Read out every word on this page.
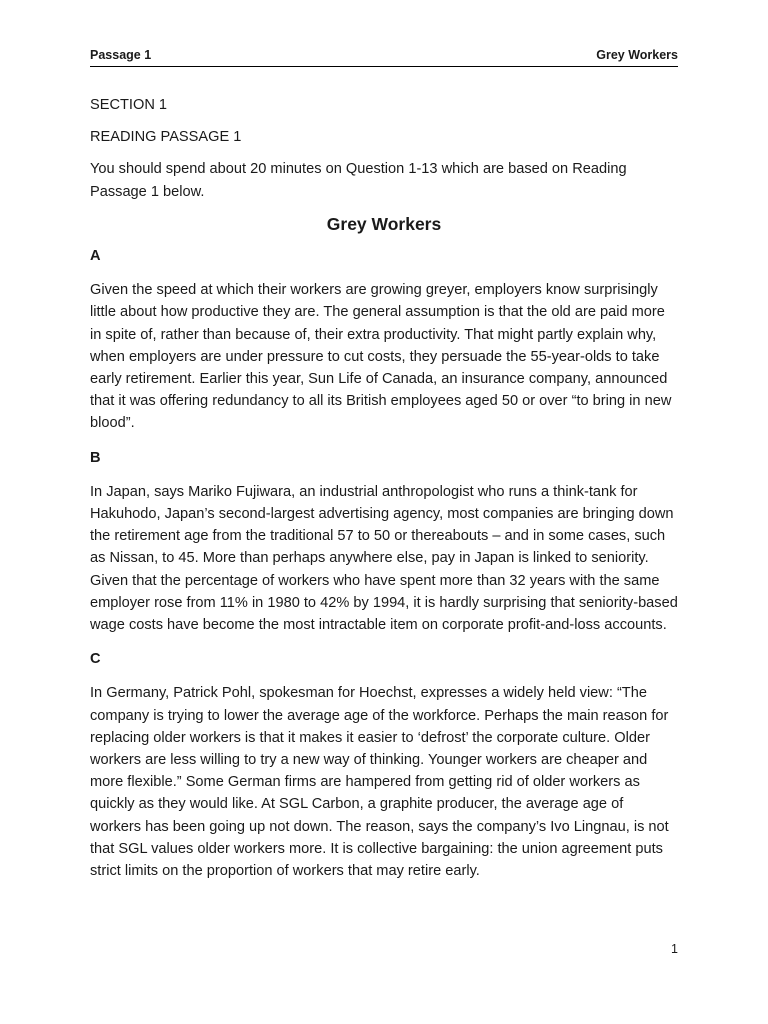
Passage 1	Grey Workers

SECTION 1

READING PASSAGE 1

You should spend about 20 minutes on Question 1-13 which are based on Reading Passage 1 below.

Grey Workers

A

Given the speed at which their workers are growing greyer, employers know surprisingly little about how productive they are. The general assumption is that the old are paid more in spite of, rather than because of, their extra productivity. That might partly explain why, when employers are under pressure to cut costs, they persuade the 55-year-olds to take early retirement. Earlier this year, Sun Life of Canada, an insurance company, announced that it was offering redundancy to all its British employees aged 50 or over “to bring in new blood”.

B

In Japan, says Mariko Fujiwara, an industrial anthropologist who runs a think-tank for Hakuhodo, Japan’s second-largest advertising agency, most companies are bringing down the retirement age from the traditional 57 to 50 or thereabouts – and in some cases, such as Nissan, to 45. More than perhaps anywhere else, pay in Japan is linked to seniority. Given that the percentage of workers who have spent more than 32 years with the same employer rose from 11% in 1980 to 42% by 1994, it is hardly surprising that seniority-based wage costs have become the most intractable item on corporate profit-and-loss accounts.

C

In Germany, Patrick Pohl, spokesman for Hoechst, expresses a widely held view: “The company is trying to lower the average age of the workforce. Perhaps the main reason for replacing older workers is that it makes it easier to ‘defrost’ the corporate culture. Older workers are less willing to try a new way of thinking. Younger workers are cheaper and more flexible.” Some German firms are hampered from getting rid of older workers as quickly as they would like. At SGL Carbon, a graphite producer, the average age of workers has been going up not down. The reason, says the company’s Ivo Lingnau, is not that SGL values older workers more. It is collective bargaining: the union agreement puts strict limits on the proportion of workers that may retire early.

1
